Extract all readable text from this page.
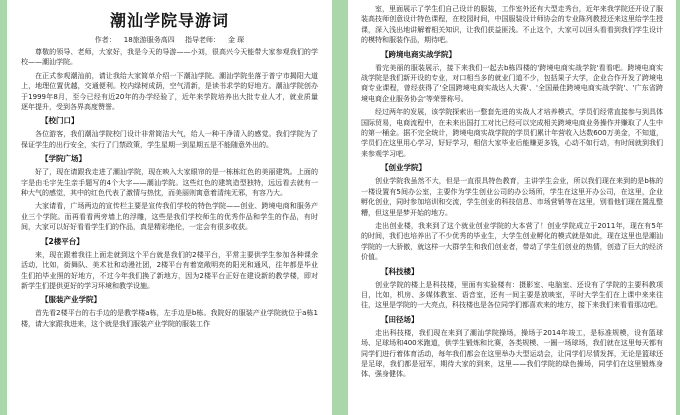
潮汕学院导游词
作者： 18旅游服务高四 指导老师： 金 琛

尊敬的领导、老师，大家好，我是今天的导游——小刘，很高兴今天能带大家参观我们的学校——潮汕学院。

在正式参观潮汕前，请让我给大家简单介绍一下潮汕学院。潮汕学院坐落于普宁市揭阳大道上，地理位置优越，交通便利。校内绿树成荫，空气清新，是读书求学的好地方。潮汕学院创办于1999年8月，至今已经有近20年的办学经验了，近年来学院培养出大批专业人才，就业质量逐年提升，受到各界高度赞誉。

【校门口】

各位游客，我们潮汕学院校门设计非常简洁大气，给人一种干净清入的感觉。我们学院为了保证学生的出行安全，实行了门禁政策，学生星期一到星期五是不能随意外出的。

【学院广场】

好了，现在请跟我走进了潮汕学院，现在映入大家眼帘的是一栋栋红色的美丽建筑。上面的字是由毛宇先生亲手题写的4个大字——潮汕学院。这些红色的建筑造型独特，远远看去就有一种大气的感觉，其中的红色代表了激情与热忱，而美丽则寓意着清纯无邪，有容乃大。

大家请看，广场两边的宣传栏主要是宣传我们学校的特色学院——创业、跨境电商和服务产业三个学院。而再看看两旁墙上的浮雕，这些是我们学校师生的优秀作品和学生的作品，有时间，大家可以好好看看学生们的作品，真是精彩绝伦，一定会有很多收获。

【2楼平台】

来，现在跟着我往上面走就到这个平台就是我们的2楼平台，平常主要供学生参加各种课余活动，比如，街舞队、美术社和动漫社团，2楼平台有着宽敞明亮的阳光和通风，往年都是毕业生们拍毕业照的好地方，不过今年我们换了新地方，因为2楼平台正好在建设新的教学楼，即对新学生们提供更好的学习环境和教学设施。

【服装产业学院】

首先看2楼平台的右手边的是教学楼a栋，左手边是b栋。我院好的服装产业学院就位于a栋1楼，请大家跟我进来，这个就是我们服装产业学院的服装工作

室，里面展示了学生们自己设计的服装，工作室外还有大型走秀台，近年来我学院还开设了服装高技师创意设计特色课程，在校园时间，中国服装设计师协会的专业陈列教授还来这里给学生授课，深入浅出地讲解着相关知识，让我们获益匪浅。不止这个，大家可以回头看看到我们学生设计的模特和服装作品，期待吧。

【跨境电商实战学院】

看完美丽的服装展示，接下来我们一起去b栋四楼的'跨境电商实战学院'看看吧。跨境电商实战学院是我们新开设的专业，对口相当多的就业门道不少，包括果子大学，企业合作开发了跨境电商专业课程，曾经获得了'全国跨境电商实战达人大赛'、'全国最佳跨境电商实战学院'、'广东省跨境电商企业服务协会'等荣誉称号。

经过两年的发展，该学院探索出一整套先进的实战人才培养模式，学员们经常直接参与到具体国际贸易，电商流程中，在未来出国打工对比已经可以完成相关跨境电商业务操作并赚取了人生中的第一桶金。据不完全统计，跨境电商实战学院的学员们累计年营收入达数600万美金，不知道，学员们在这里用心学习，好好学习，相信大家毕业后能赚更多钱，心动不如行动，有时间就到我们来参观学习吧。

【创业学院】

创业学院我虽然不大，但是一直很具特色教育，主讲学生会业，所以我们现在来到的是b栋的一楼设置有5间办公室，主要作为学生创业公司的办公场所，学生在这里开办公司，在这里，企业孵化创业，同时参加培训和交流，学生创业的科技信息、市场营销等在这里，别看他们现在置乱整糟，但这里是梦开始的地方。

走出创业楼，我来到了这个就业创业学院的大本营了！创业学院成立于2011年，现在有5年的时间，我们也培养出了不少优秀的毕业生，大学生创业孵化的模式就是如此，现在这里也是潮汕学院的一大骄傲，就这样一大群学生和我们创业者，带动了学生们创业的热情，创造了巨大的经济价值。

【科技楼】

创业学院的楼上是科技楼，里面有实验楼有：摄影室、电脑室、还设有了学院的主要科教项目，比如，机房、多媒体教室、语音室，还有一间主要是放映室，平时大学生们在上课中来来往往，这里是学院的一大亮点，科技楼也是各位同学们都喜欢来的地方，接下来我们来看看那边吧。

【田径场】

走出科技楼，我们现在来到了潮汕学院操场，操场于2014年竣工，是标准规模，设有篮球场、足球场和400米跑道，供学生锻炼和比赛，各类规模、一圈一场球场，我们就在这里每天都有同学们进行着体育活动，每年我们都会在这里举办大型运动会，让同学们尽情发挥，无论是篮球还是足球，我们都是冠军，期待大家的到来，这里——我们学院的绿色操场，同学们在这里锻炼身体、强身健体。
